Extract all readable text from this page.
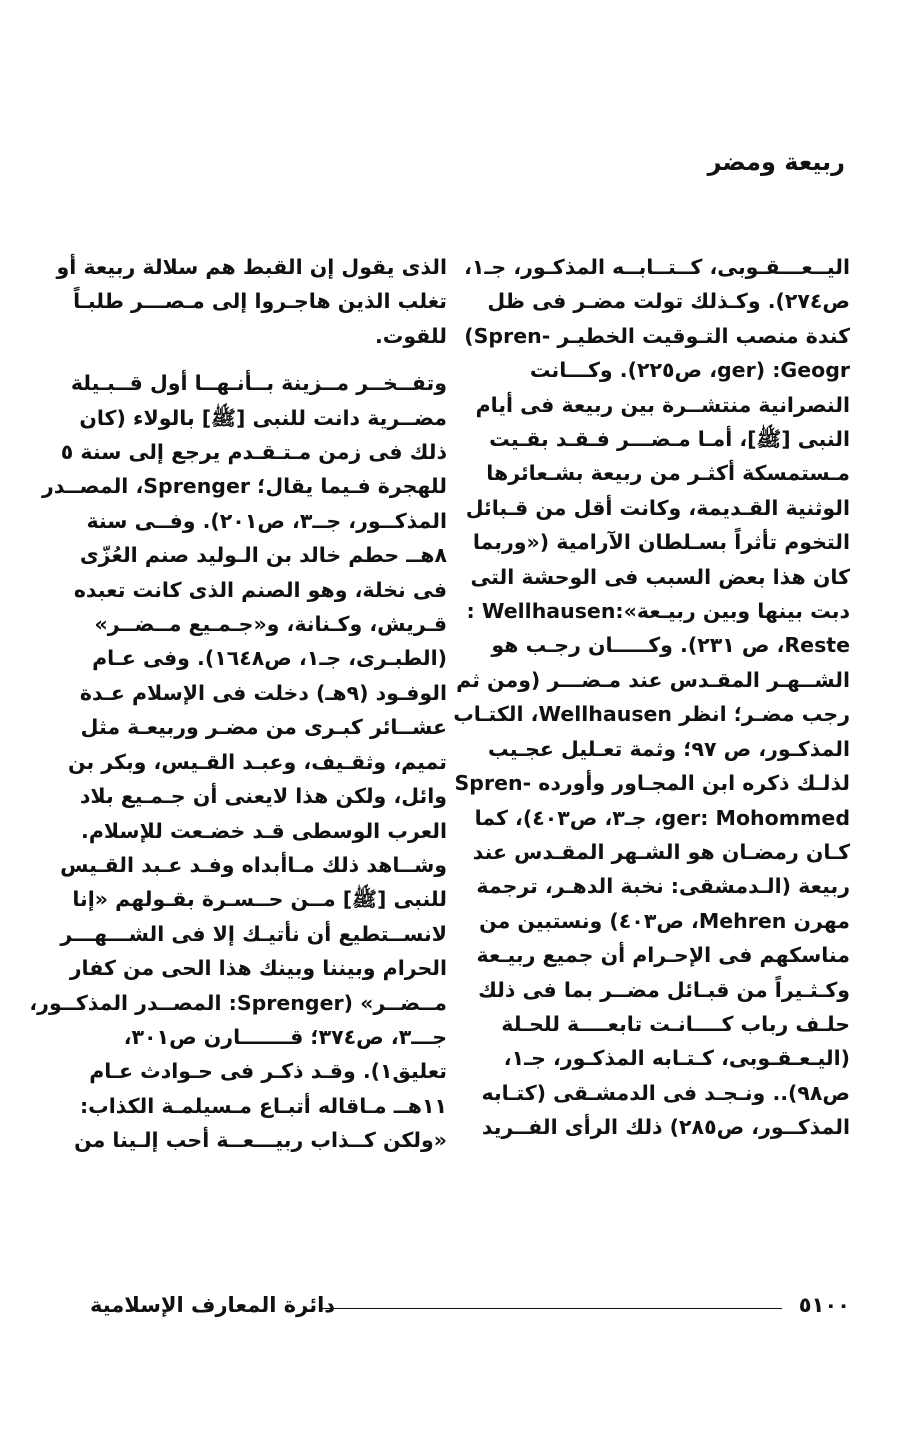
ربيعة ومضر
اليــعـــقـوبى، كــتــابــه المذكـور، جـ١،
ص٢٧٤). وكـذلك تولت مضـر فى ظل
كندة منصب التـوقيت الخطيـر -Spren)
ger) :Geogr، ص٢٢٥). وكـــانت
النصرانية منتشــرة بين ربيعة فى أيام
النبى [ﷺ]، أمـا مـضـــر فـقـد بقـيت
مـستمسكة أكثـر من ربيعة بشـعائرها
الوثنية القـديمة، وكانت أقل من قـبائل
التخوم تأثراً بسـلطان الآرامية («وربما
كان هذا بعض السبب فى الوحشة التى
دبت بينها وبين ربيـعة»:Wellhausen :
Reste، ص ٢٣١). وكـــــان رجـب هو
الشــهـر المقـدس عند مـضـــر (ومن ثم
رجب مضـر؛ انظر Wellhausen، الكتـاب
المذكـور، ص ٩٧؛ وثمة تعـليل عجـيب
لذلـك ذكره ابن المجـاور وأورده -Spren
ger: Mohommed، جـ٣، ص٤٠٣)، كما
كـان رمضـان هو الشـهر المقـدس عند
ربيعة (الـدمشقى: نخبة الدهـر، ترجمة
مهرن Mehren، ص٤٠٣) ونستبين من
مناسكهم فى الإحـرام أن جميع ربيـعة
وكـثـيراً من قبـائل مضــر بما فى ذلك
حلـف رباب كــــانـت تابعــــة للحـلة
(اليـعـقـوبى، كـتـابه المذكـور، جـ١،
ص٩٨).. ونـجـد فى الدمشـقى (كتـابه
المذكــور، ص٢٨٥) ذلك الرأى الفــريد

الذى يقول إن القبط هم سلالة ربيعة أو
تغلب الذين هاجـروا إلى مـصـــر طلبـاً
للقوت.

وتفــخــر مــزينة بــأنـهــا أول قــبـيلة
مضــرية دانت للنبى [ﷺ] بالولاء (كان
ذلك فى زمن مـتـقـدم يرجع إلى سنة ٥
للهجرة فـيما يقال؛ Sprenger، المصــدر
المذكــور، جــ٣، ص٢٠١). وفــى سنة
٨هــ حطم خالد بن الـوليد صنم العُزّى
فى نخلة، وهو الصنم الذى كانت تعبده
قـريش، وكـنانة، و«جـمـيع مــضــر»
(الطبـرى، جـ١، ص١٦٤٨). وفى عـام
الوفـود (٩هـ) دخلت فى الإسلام عـدة
عشــائر كبـرى من مضـر وربيعـة مثل
تميم، وثقـيف، وعبـد القـيس، وبكر بن
وائل، ولكن هذا لايعنى أن جـمـيع بلاد
العرب الوسطى قـد خضـعت للإسلام.
وشــاهد ذلك مـاأبداه وفـد عـبد القـيس
للنبى [ﷺ] مــن حــسـرة بقـولهم «إنا
لانســتطيع أن نأتيـك إلا فى الشـــهـــر
الحرام وبيننا وبينك هذا الحى من كفار
مــضــر» (Sprenger: المصــدر المذكــور،
جـــ٣، ص٣٧٤؛ قـــــــارن ص٣٠١،
تعليق١). وقـد ذكـر فى حـوادث عـام
١١هــ مـاقاله أتبـاع مـسيلمـة الكذاب:
«ولكن كــذاب ربيـــعــة أحب إلـينا من

٥١٠٠
دائرة المعارف الإسلامية
